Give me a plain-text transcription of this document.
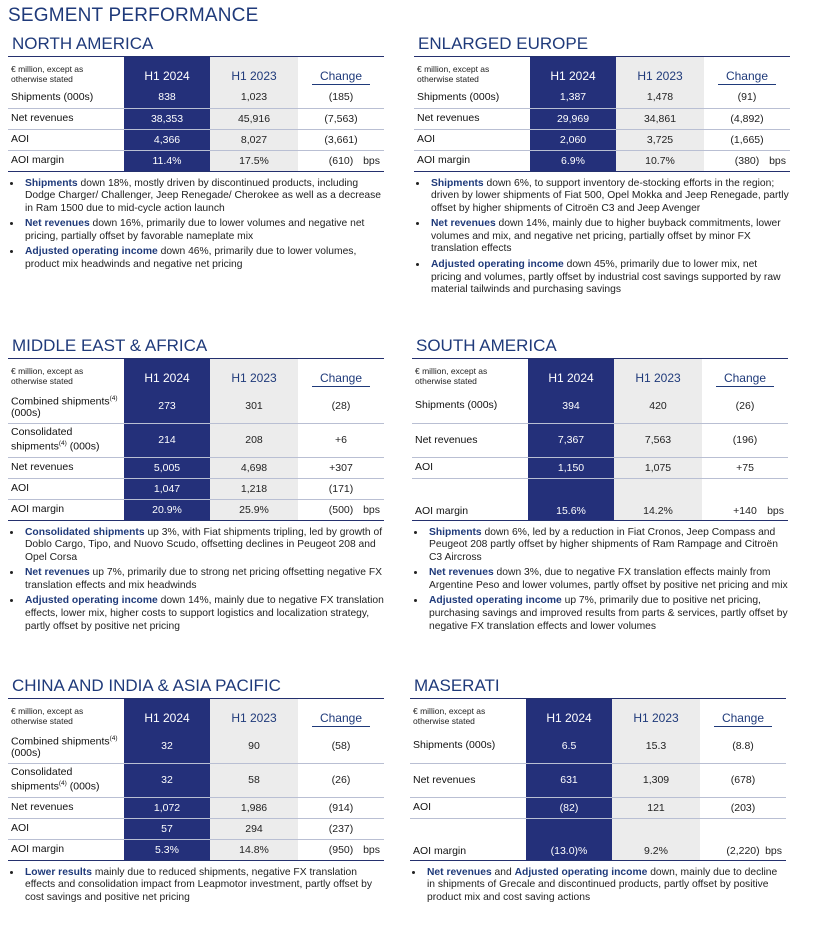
SEGMENT PERFORMANCE
NORTH AMERICA
€ million, except as
otherwise stated	H1 2024	H1 2023	Change
Shipments (000s)	838	1,023	(185)
Net revenues	38,353	45,916	(7,563)
AOI	4,366	8,027	(3,661)
AOI margin	11.4%	17.5%	(610) bps
• Shipments down 18%, mostly driven by discontinued products, including Dodge Charger/ Challenger, Jeep Renegade/ Cherokee as well as a decrease in Ram 1500 due to mid-cycle action launch
• Net revenues down 16%, primarily due to lower volumes and negative net pricing, partially offset by favorable nameplate mix
• Adjusted operating income down 46%, primarily due to lower volumes, product mix headwinds and negative net pricing
ENLARGED EUROPE
€ million, except as
otherwise stated	H1 2024	H1 2023	Change
Shipments (000s)	1,387	1,478	(91)
Net revenues	29,969	34,861	(4,892)
AOI	2,060	3,725	(1,665)
AOI margin	6.9%	10.7%	(380) bps
• Shipments down 6%, to support inventory de-stocking efforts in the region; driven by lower shipments of Fiat 500, Opel Mokka and Jeep Renegade, partly offset by higher shipments of Citroën C3 and Jeep Avenger
• Net revenues down 14%, mainly due to higher buyback commitments, lower volumes and mix, and negative net pricing, partially offset by minor FX translation effects
• Adjusted operating income down 45%, primarily due to lower mix, net pricing and volumes, partly offset by industrial cost savings supported by raw material tailwinds and purchasing savings
MIDDLE EAST & AFRICA
€ million, except as
otherwise stated	H1 2024	H1 2023	Change
Combined shipments$^{(4)}$
(000s)	273	301	(28)
Consolidated
shipments$^{(4)}$ (000s)	214	208	+6
Net revenues	5,005	4,698	+307
AOI	1,047	1,218	(171)
AOI margin	20.9%	25.9%	(500) bps
• Consolidated shipments up 3%, with Fiat shipments tripling, led by growth of Doblo Cargo, Tipo, and Nuovo Scudo, offsetting declines in Peugeot 208 and Opel Corsa
• Net revenues up 7%, primarily due to strong net pricing offsetting negative FX translation effects and mix headwinds
• Adjusted operating income down 14%, mainly due to negative FX translation effects, lower mix, higher costs to support logistics and localization strategy, partly offset by positive net pricing
SOUTH AMERICA
€ million, except as
otherwise stated	H1 2024	H1 2023	Change
Shipments (000s)	394	420	(26)
Net revenues	7,367	7,563	(196)
AOI	1,150	1,075	+75
AOI margin	15.6%	14.2%	+140 bps
• Shipments down 6%, led by a reduction in Fiat Cronos, Jeep Compass and Peugeot 208 partly offset by higher shipments of Ram Rampage and Citroën C3 Aircross
• Net revenues down 3%, due to negative FX translation effects mainly from Argentine Peso and lower volumes, partly offset by positive net pricing and mix
• Adjusted operating income up 7%, primarily due to positive net pricing, purchasing savings and improved results from parts & services, partly offset by negative FX translation effects and lower volumes
CHINA AND INDIA & ASIA PACIFIC
€ million, except as
otherwise stated	H1 2024	H1 2023	Change
Combined shipments$^{(4)}$
(000s)	32	90	(58)
Consolidated
shipments$^{(4)}$ (000s)	32	58	(26)
Net revenues	1,072	1,986	(914)
AOI	57	294	(237)
AOI margin	5.3%	14.8%	(950) bps
• Lower results mainly due to reduced shipments, negative FX translation effects and consolidation impact from Leapmotor investment, partly offset by cost savings and positive net pricing
MASERATI
€ million, except as
otherwise stated	H1 2024	H1 2023	Change
Shipments (000s)	6.5	15.3	(8.8)
Net revenues	631	1,309	(678)
AOI	(82)	121	(203)
AOI margin	(13.0)%	9.2%	(2,220) bps
• Net revenues and Adjusted operating income down, mainly due to decline in shipments of Grecale and discontinued products, partly offset by positive product mix and cost saving actions
